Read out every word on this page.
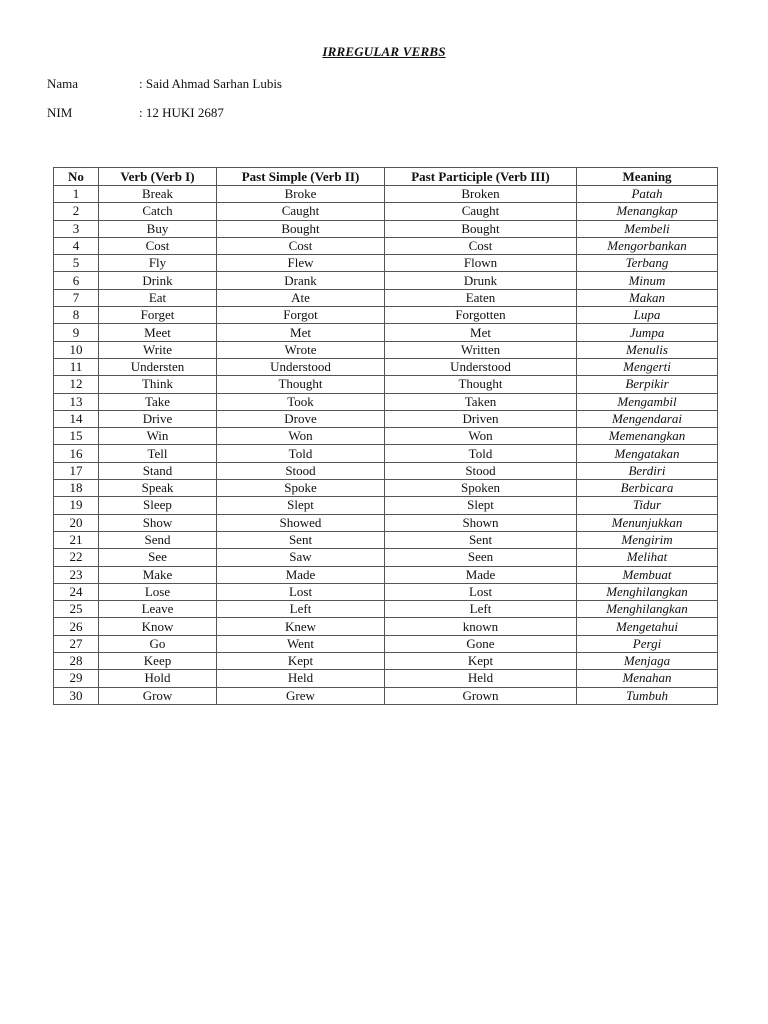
IRREGULAR VERBS
Nama	: Said Ahmad Sarhan Lubis
NIM	: 12 HUKI 2687
No	Verb (Verb I)	Past Simple (Verb II)	Past Participle (Verb III)	Meaning
1	Break	Broke	Broken	Patah
2	Catch	Caught	Caught	Menangkap
3	Buy	Bought	Bought	Membeli
4	Cost	Cost	Cost	Mengorbankan
5	Fly	Flew	Flown	Terbang
6	Drink	Drank	Drunk	Minum
7	Eat	Ate	Eaten	Makan
8	Forget	Forgot	Forgotten	Lupa
9	Meet	Met	Met	Jumpa
10	Write	Wrote	Written	Menulis
11	Understen	Understood	Understood	Mengerti
12	Think	Thought	Thought	Berpikir
13	Take	Took	Taken	Mengambil
14	Drive	Drove	Driven	Mengendarai
15	Win	Won	Won	Memenangkan
16	Tell	Told	Told	Mengatakan
17	Stand	Stood	Stood	Berdiri
18	Speak	Spoke	Spoken	Berbicara
19	Sleep	Slept	Slept	Tidur
20	Show	Showed	Shown	Menunjukkan
21	Send	Sent	Sent	Mengirim
22	See	Saw	Seen	Melihat
23	Make	Made	Made	Membuat
24	Lose	Lost	Lost	Menghilangkan
25	Leave	Left	Left	Menghilangkan
26	Know	Knew	known	Mengetahui
27	Go	Went	Gone	Pergi
28	Keep	Kept	Kept	Menjaga
29	Hold	Held	Held	Menahan
30	Grow	Grew	Grown	Tumbuh
